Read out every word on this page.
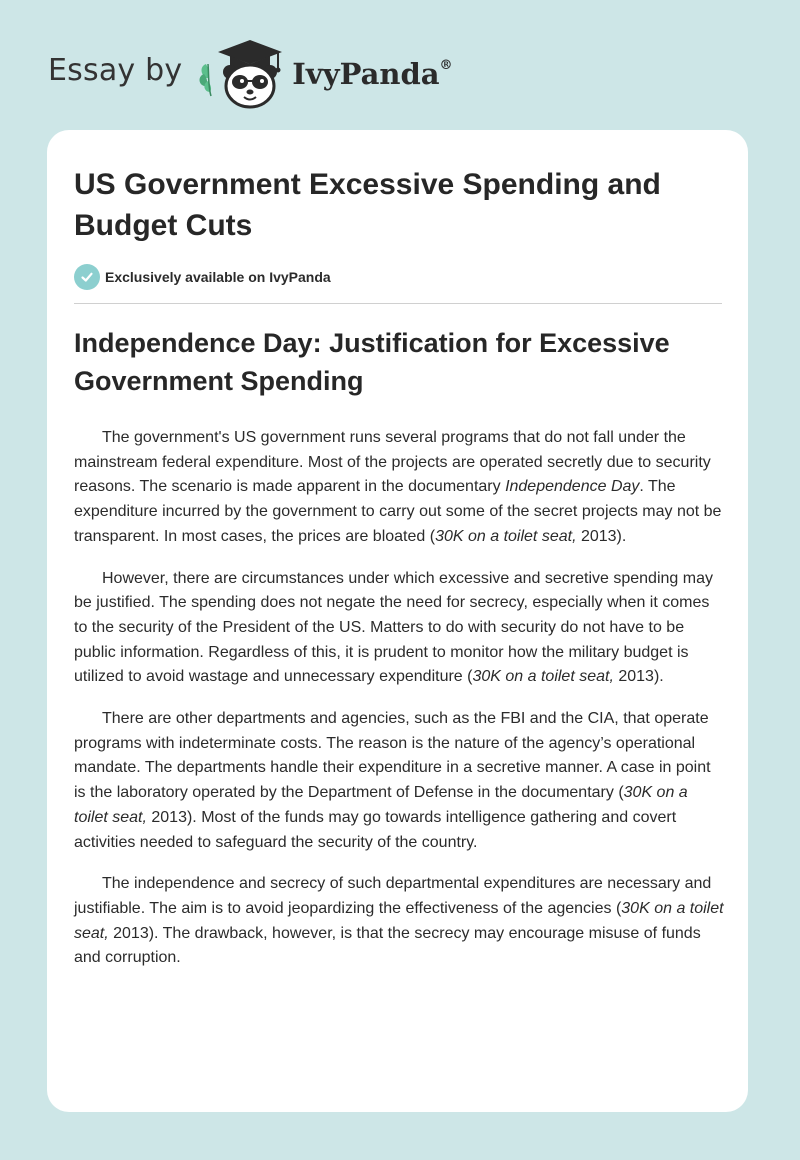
Essay by	IvyPanda®
US Government Excessive Spending and Budget Cuts
Exclusively available on IvyPanda
Independence Day: Justification for Excessive Government Spending

The government's US government runs several programs that do not fall under the mainstream federal expenditure. Most of the projects are operated secretly due to security reasons. The scenario is made apparent in the documentary Independence Day. The expenditure incurred by the government to carry out some of the secret projects may not be transparent. In most cases, the prices are bloated (30K on a toilet seat, 2013).

However, there are circumstances under which excessive and secretive spending may be justified. The spending does not negate the need for secrecy, especially when it comes to the security of the President of the US. Matters to do with security do not have to be public information. Regardless of this, it is prudent to monitor how the military budget is utilized to avoid wastage and unnecessary expenditure (30K on a toilet seat, 2013).

There are other departments and agencies, such as the FBI and the CIA, that operate programs with indeterminate costs. The reason is the nature of the agency’s operational mandate. The departments handle their expenditure in a secretive manner. A case in point is the laboratory operated by the Department of Defense in the documentary (30K on a toilet seat, 2013). Most of the funds may go towards intelligence gathering and covert activities needed to safeguard the security of the country.

The independence and secrecy of such departmental expenditures are necessary and justifiable. The aim is to avoid jeopardizing the effectiveness of the agencies (30K on a toilet seat, 2013). The drawback, however, is that the secrecy may encourage misuse of funds and corruption.
